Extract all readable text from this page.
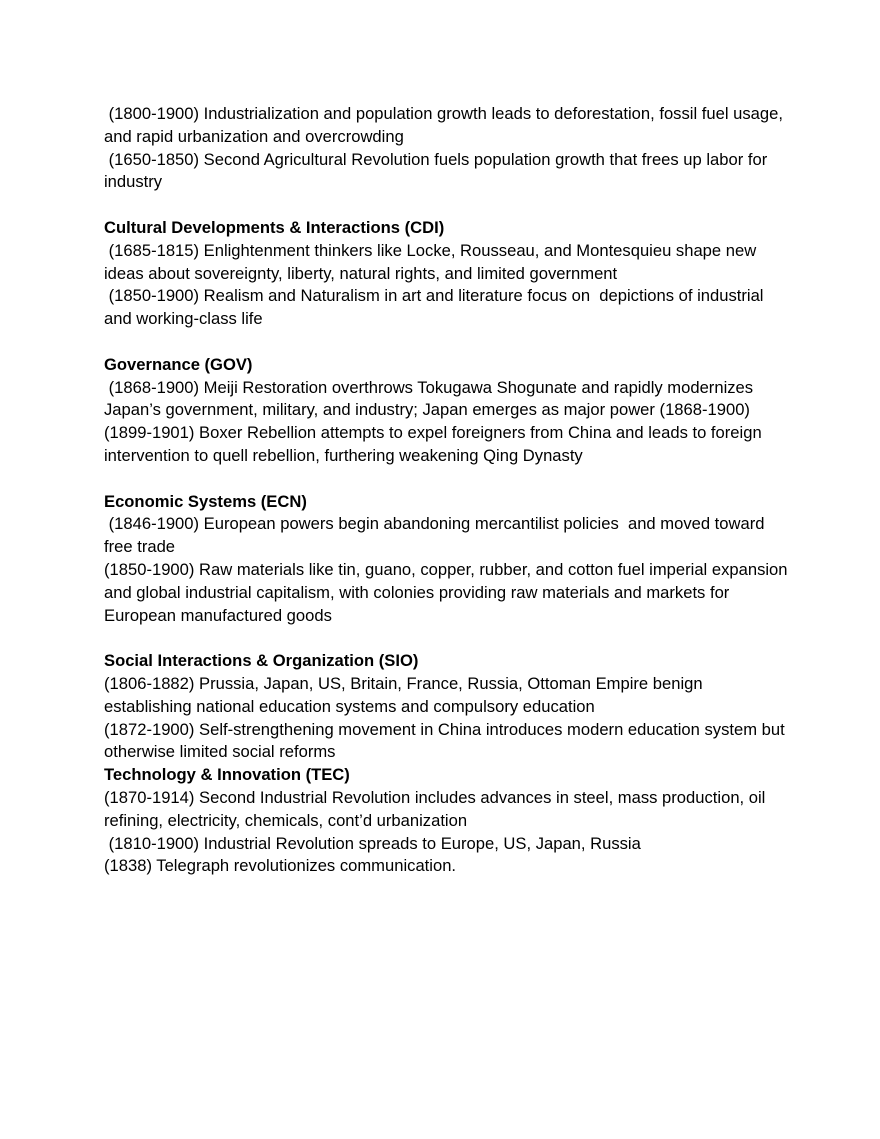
(1800-1900) Industrialization and population growth leads to deforestation, fossil fuel usage, and rapid urbanization and overcrowding

(1650-1850) Second Agricultural Revolution fuels population growth that frees up labor for industry

Cultural Developments & Interactions (CDI)

(1685-1815) Enlightenment thinkers like Locke, Rousseau, and Montesquieu shape new ideas about sovereignty, liberty, natural rights, and limited government

(1850-1900) Realism and Naturalism in art and literature focus on  depictions of industrial and working-class life

Governance (GOV)

(1868-1900) Meiji Restoration overthrows Tokugawa Shogunate and rapidly modernizes Japan’s government, military, and industry; Japan emerges as major power (1868-1900)

(1899-1901) Boxer Rebellion attempts to expel foreigners from China and leads to foreign intervention to quell rebellion, furthering weakening Qing Dynasty

Economic Systems (ECN)

(1846-1900) European powers begin abandoning mercantilist policies  and moved toward free trade

(1850-1900) Raw materials like tin, guano, copper, rubber, and cotton fuel imperial expansion and global industrial capitalism, with colonies providing raw materials and markets for European manufactured goods

Social Interactions & Organization (SIO)

(1806-1882) Prussia, Japan, US, Britain, France, Russia, Ottoman Empire benign establishing national education systems and compulsory education

(1872-1900) Self-strengthening movement in China introduces modern education system but otherwise limited social reforms

Technology & Innovation (TEC)

(1870-1914) Second Industrial Revolution includes advances in steel, mass production, oil refining, electricity, chemicals, cont’d urbanization

(1810-1900) Industrial Revolution spreads to Europe, US, Japan, Russia

(1838) Telegraph revolutionizes communication.
